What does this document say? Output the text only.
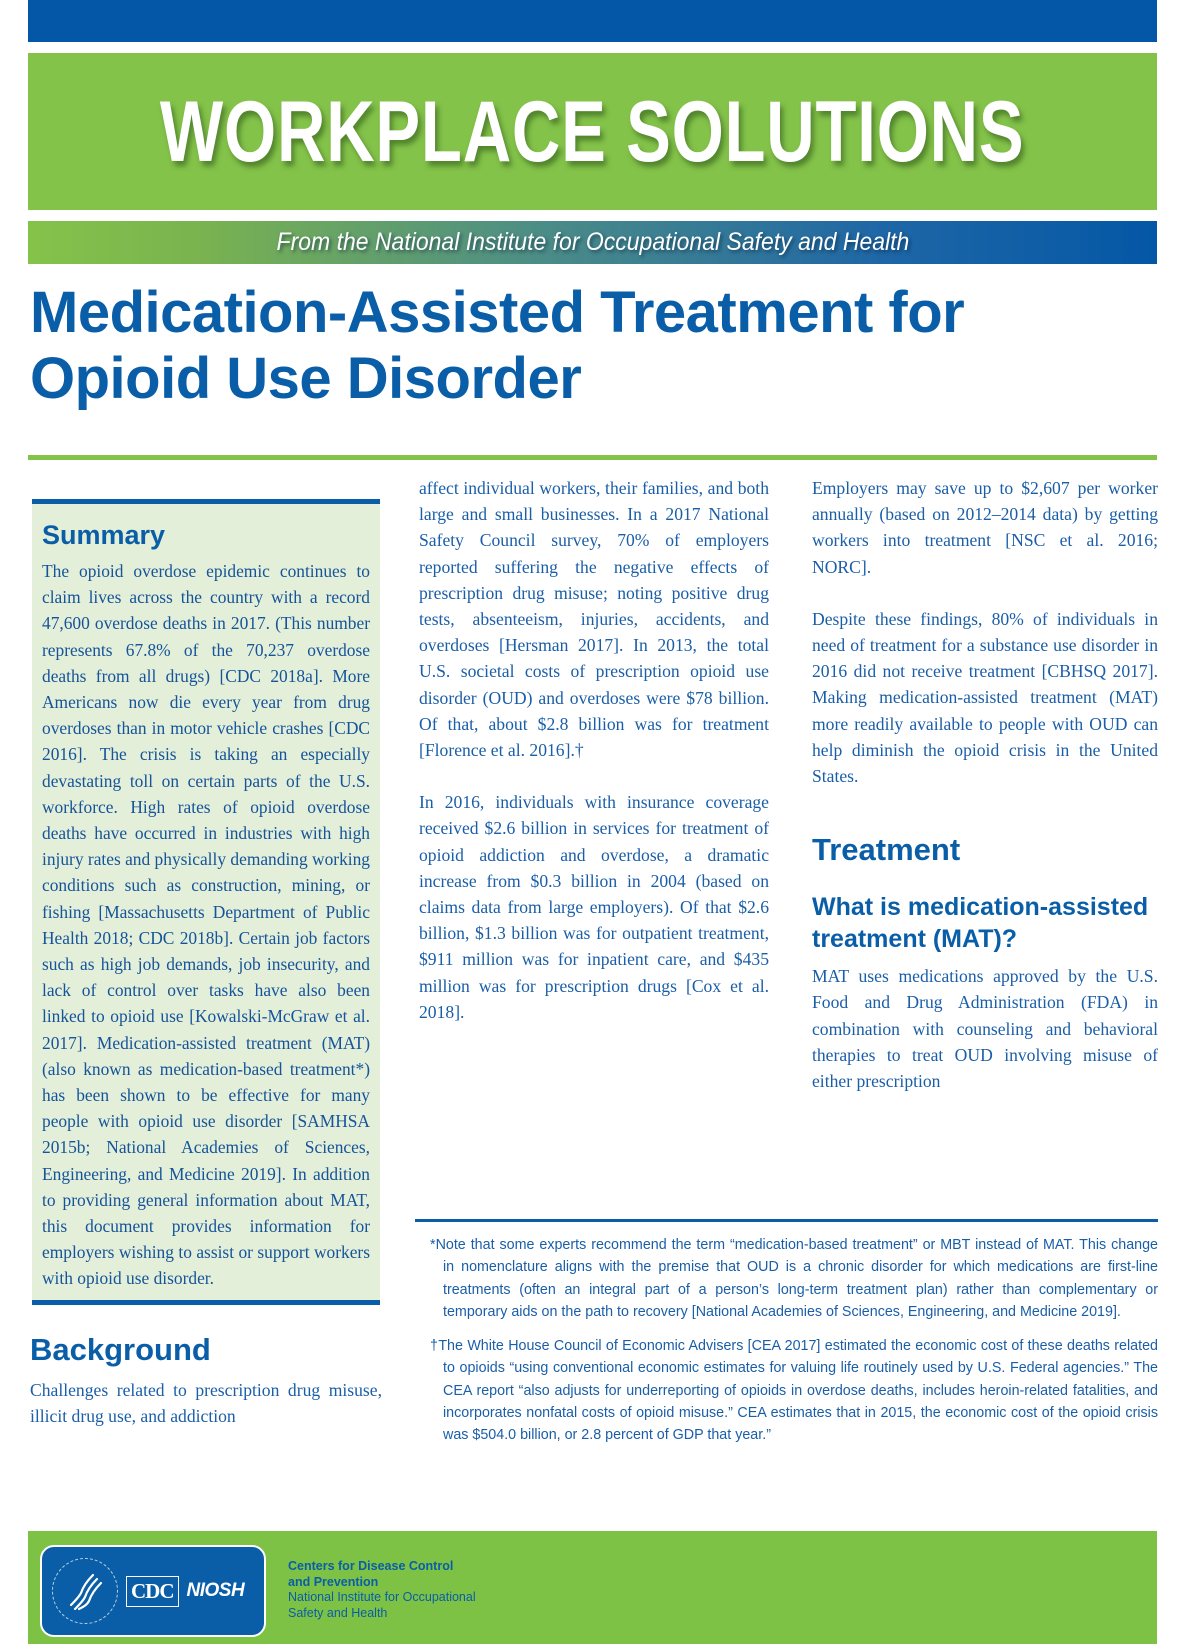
WORKPLACE SOLUTIONS
From the National Institute for Occupational Safety and Health
Medication-Assisted Treatment for
Opioid Use Disorder
Summary

The opioid overdose epidemic continues to claim lives across the country with a record 47,600 overdose deaths in 2017. (This number represents 67.8% of the 70,237 overdose deaths from all drugs) [CDC 2018a]. More Americans now die every year from drug overdoses than in motor vehicle crashes [CDC 2016]. The crisis is taking an especially devastating toll on certain parts of the U.S. workforce. High rates of opioid overdose deaths have occurred in industries with high injury rates and physically demanding working conditions such as construction, mining, or fishing [Massachusetts Department of Public Health 2018; CDC 2018b]. Certain job factors such as high job demands, job insecurity, and lack of control over tasks have also been linked to opioid use [Kowalski-McGraw et al. 2017]. Medication-assisted treatment (MAT) (also known as medication-based treatment*) has been shown to be effective for many people with opioid use disorder [SAMHSA 2015b; National Academies of Sciences, Engineering, and Medicine 2019]. In addition to providing general information about MAT, this document provides information for employers wishing to assist or support workers with opioid use disorder.

Background

Challenges related to prescription drug misuse, illicit drug use, and addiction

affect individual workers, their families, and both large and small businesses. In a 2017 National Safety Council survey, 70% of employers reported suffering the negative effects of prescription drug misuse; noting positive drug tests, absenteeism, injuries, accidents, and overdoses [Hersman 2017]. In 2013, the total U.S. societal costs of prescription opioid use disorder (OUD) and overdoses were $78 billion. Of that, about $2.8 billion was for treatment [Florence et al. 2016].†

In 2016, individuals with insurance coverage received $2.6 billion in services for treatment of opioid addiction and overdose, a dramatic increase from $0.3 billion in 2004 (based on claims data from large employers). Of that $2.6 billion, $1.3 billion was for outpatient treatment, $911 million was for inpatient care, and $435 million was for prescription drugs [Cox et al. 2018].

Employers may save up to $2,607 per worker annually (based on 2012–2014 data) by getting workers into treatment [NSC et al. 2016; NORC].

Despite these findings, 80% of individuals in need of treatment for a substance use disorder in 2016 did not receive treatment [CBHSQ 2017]. Making medication-assisted treatment (MAT) more readily available to people with OUD can help diminish the opioid crisis in the United States.

Treatment
What is medication-assisted treatment (MAT)?

MAT uses medications approved by the U.S. Food and Drug Administration (FDA) in combination with counseling and behavioral therapies to treat OUD involving misuse of either prescription

*Note that some experts recommend the term “medication-based treatment” or MBT instead of MAT. This change in nomenclature aligns with the premise that OUD is a chronic disorder for which medications are first-line treatments (often an integral part of a person’s long-term treatment plan) rather than complementary or temporary aids on the path to recovery [National Academies of Sciences, Engineering, and Medicine 2019].

†The White House Council of Economic Advisers [CEA 2017] estimated the economic cost of these deaths related to opioids “using conventional economic estimates for valuing life routinely used by U.S. Federal agencies.” The CEA report “also adjusts for underreporting of opioids in overdose deaths, includes heroin-related fatalities, and incorporates nonfatal costs of opioid misuse.” CEA estimates that in 2015, the economic cost of the opioid crisis was $504.0 billion, or 2.8 percent of GDP that year.”

CDC NIOSH
Centers for Disease Control
and Prevention
National Institute for Occupational
Safety and Health
